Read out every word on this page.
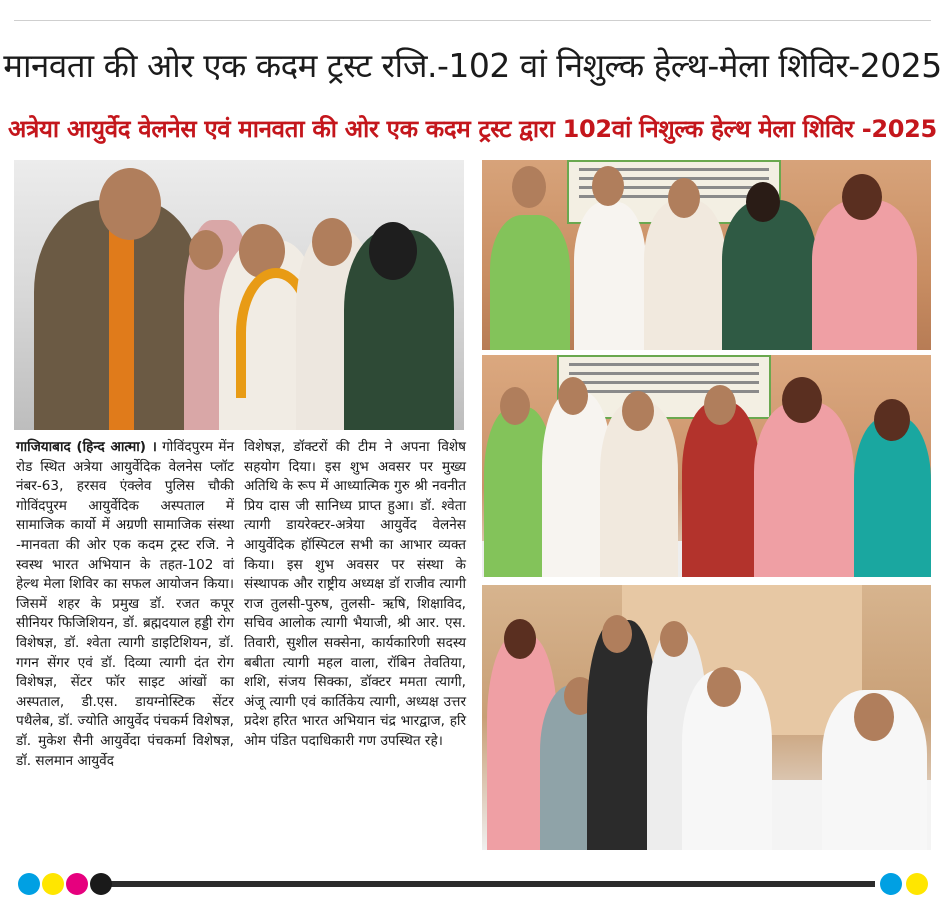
मानवता की ओर एक कदम ट्रस्ट रजि.-102 वां निशुल्क हेल्थ-मेला शिविर-2025
अत्रेया आयुर्वेद वेलनेस एवं मानवता की ओर एक कदम ट्रस्ट द्वारा 102वां निशुल्क हेल्थ मेला शिविर -2025

गाजियाबाद (हिन्द आत्मा) । गोविंदपुरम मेंन रोड स्थित अत्रेया आयुर्वेदिक वेलनेस प्लॉट नंबर-63, हरसव एंक्लेव पुलिस चौकी गोविंदपुरम आयुर्वेदिक अस्पताल में सामाजिक कार्यो में अग्रणी सामाजिक संस्था -मानवता की ओर एक कदम ट्रस्ट रजि. ने स्वस्थ भारत अभियान के तहत-102 वां हेल्थ मेला शिविर का सफल आयोजन किया। जिसमें शहर के प्रमुख डॉ. रजत कपूर सीनियर फिजिशियन, डॉ. ब्रह्मदयाल हड्डी रोग विशेषज्ञ, डॉ. श्वेता त्यागी डाइटिशियन, डॉ. गगन सेंगर एवं डॉ. दिव्या त्यागी दंत रोग विशेषज्ञ, सेंटर फॉर साइट आंखों का अस्पताल, डी.एस. डायग्नोस्टिक सेंटर पथैलेब, डॉ. ज्योति आयुर्वेद पंचकर्म विशेषज्ञ, डॉ. मुकेश सैनी आयुर्वेदा पंचकर्मा विशेषज्ञ, डॉ. सलमान आयुर्वेद

विशेषज्ञ, डॉक्टरों की टीम ने अपना विशेष सहयोग दिया। इस शुभ अवसर पर मुख्य अतिथि के रूप में आध्यात्मिक गुरु श्री नवनीत प्रिय दास जी सानिध्य प्राप्त हुआ। डॉ. श्वेता त्यागी डायरेक्टर-अत्रेया आयुर्वेद वेलनेस आयुर्वेदिक हॉस्पिटल सभी का आभार व्यक्त किया। इस शुभ अवसर पर संस्था के संस्थापक और राष्ट्रीय अध्यक्ष डॉ राजीव त्यागी राज तुलसी-पुरुष, तुलसी- ऋषि, शिक्षाविद, सचिव आलोक त्यागी भैयाजी, श्री आर. एस. तिवारी, सुशील सक्सेना, कार्यकारिणी सदस्य बबीता त्यागी महल वाला, रॉबिन तेवतिया, शशि, संजय सिक्का, डॉक्टर ममता त्यागी, अंजू त्यागी एवं कार्तिकेय त्यागी, अध्यक्ष उत्तर प्रदेश हरित भारत अभियान चंद्र भारद्वाज, हरि ओम पंडित पदाधिकारी गण उपस्थित रहे।
